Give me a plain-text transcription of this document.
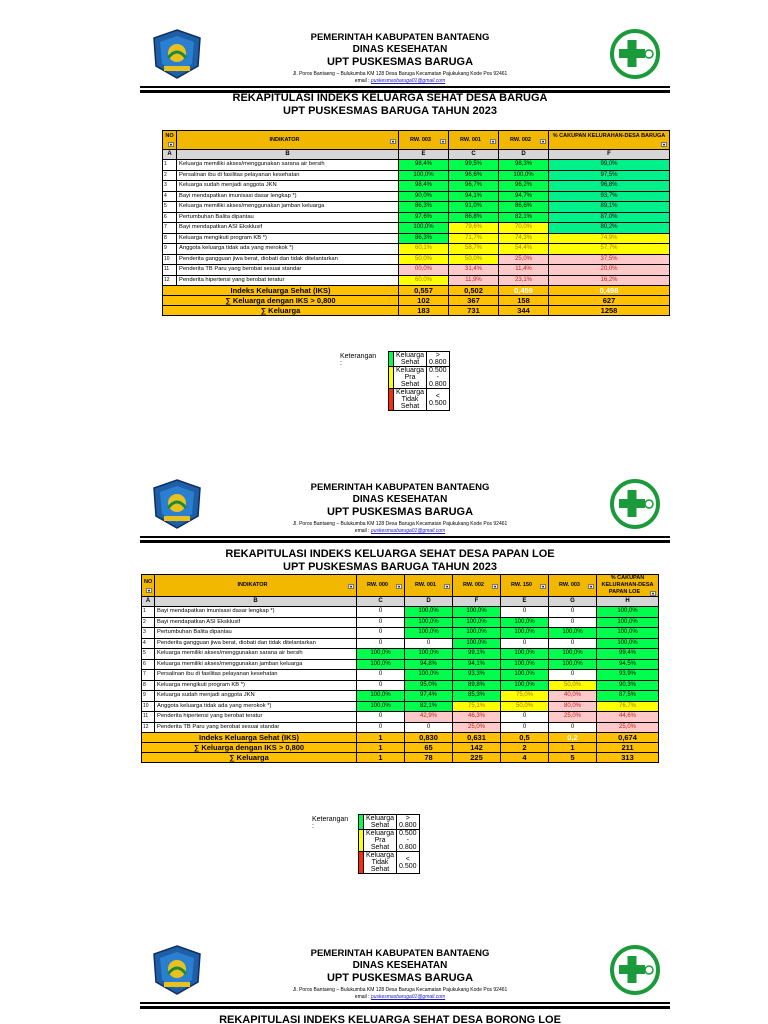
PEMERINTAH KABUPATEN BANTAENG
DINAS KESEHATAN
UPT PUSKESMAS BARUGA
Jl. Poros Bantaeng – Bulukumba KM 128 Desa Baruga Kecamatan Pajukukang Kode Pos 92461
email : puskesmasbaruga01@gmail.com
REKAPITULASI INDEKS KELUARGA SEHAT DESA BARUGA
UPT PUSKESMAS BARUGA TAHUN 2023
NO
▾	INDIKATOR ▾	RW. 003 ▾	RW. 001 ▾	RW. 002 ▾	% CAKUPAN KELURAHAN-DESA BARUGA
▾

A	B	E	C	D	F
1	Keluarga memiliki akses/menggunakan sarana air bersih	98,4%	99,5%	98,3%	99,0%
2	Persalinan ibu di fasilitas pelayanan kesehatan	100,0%	96,6%	100,0%	97,5%
3	Keluarga sudah menjadi anggota JKN	98,4%	96,7%	96,2%	96,8%
4	Bayi mendapatkan imunisasi dasar lengkap *)	90,0%	94,1%	94,7%	93,7%
5	Keluarga memiliki akses/menggunakan jamban keluarga	86,3%	91,0%	86,6%	89,1%
6	Pertumbuhan Balita dipantau	97,6%	86,8%	82,1%	87,0%
7	Bayi mendapatkan ASI Eksklusif	100,0%	79,6%	70,0%	80,2%
8	Keluarga mengikuti program KB *)	86,3%	71,7%	74,3%	74,9%
9	Anggota keluarga tidak ada yang merokok *)	60,1%	58,7%	54,4%	57,7%
10	Penderita gangguan jiwa berat, diobati dan tidak ditelantarkan	50,0%	50,0%	25,0%	37,5%
11	Penderita TB Paru yang berobat sesuai standar	00,0%	31,4%	11,4%	20,0%
12	Penderita hipertensi yang berobat teratur	60,0%	11,9%	23,1%	16,2%
Indeks Keluarga Sehat (IKS)		0,557	0,502	0,459	0,498
∑ Keluarga dengan IKS > 0,800		102	367	158	627
∑ Keluarga		183	731	344	1258
Keterangan :
	Keluarga Sehat	> 0.800
	Keluarga Pra Sehat	0.500 - 0.800
	Keluarga Tidak Sehat	< 0.500
PEMERINTAH KABUPATEN BANTAENG
DINAS KESEHATAN
UPT PUSKESMAS BARUGA
Jl. Poros Bantaeng – Bulukumba KM 128 Desa Baruga Kecamatan Pajukukang Kode Pos 92461
email : puskesmasbaruga01@gmail.com
REKAPITULASI INDEKS KELUARGA SEHAT DESA PAPAN LOE
UPT PUSKESMAS BARUGA TAHUN 2023
NO
▾	INDIKATOR ▾	RW. 000 ▾	RW. 001 ▾	RW. 002 ▾	RW. 150 ▾	RW. 003 ▾	% CAKUPAN KELURAHAN-DESA PAPAN LOE ▾

A	B	C	D	F	E	G	H
1	Bayi mendapatkan imunisasi dasar lengkap *)	0	100,0%	100,0%	0	0	100,0%
2	Bayi mendapatkan ASI Eksklusif	0	100,0%	100,0%	100,0%	0	100,0%
3	Pertumbuhan Balita dipantau	0	100,0%	100,0%	100,0%	100,0%	100,0%
4	Penderita gangguan jiwa berat, diobati dan tidak ditelantarkan	0	0	100,0%	0	0	100,0%
5	Keluarga memiliki akses/menggunakan sarana air bersih	100,0%	100,0%	99,1%	100,0%	100,0%	99,4%
6	Keluarga memiliki akses/menggunakan jamban keluarga	100,0%	94,8%	94,1%	100,0%	100,0%	94,5%
7	Persalinan ibu di fasilitas pelayanan kesehatan	0	100,0%	93,3%	100,0%	0	93,9%
8	Keluarga mengikuti program KB *)	0	95,0%	89,8%	100,0%	50,0%	90,3%
9	Keluarga sudah menjadi anggota JKN	100,0%	97,4%	85,3%	75,0%	40,0%	87,5%
10	Anggota keluarga tidak ada yang merokok *)	100,0%	82,1%	75,1%	50,0%	80,0%	76,7%
11	Penderita hipertensi yang berobat teratur	0	42,9%	46,3%	0	25,0%	44,6%
12	Penderita TB Paru yang berobat sesuai standar	0	0	25,0%	0	0	25,0%
Indeks Keluarga Sehat (IKS)		1	0,830	0,631	0,5	0,2	0,674
∑ Keluarga dengan IKS > 0,800		1	65	142	2	1	211
∑ Keluarga		1	78	225	4	5	313
Keterangan :
	Keluarga Sehat	> 0.800
	Keluarga Pra Sehat	0.500 - 0.800
	Keluarga Tidak Sehat	< 0.500
PEMERINTAH KABUPATEN BANTAENG
DINAS KESEHATAN
UPT PUSKESMAS BARUGA
Jl. Poros Bantaeng – Bulukumba KM 128 Desa Baruga Kecamatan Pajukukang Kode Pos 92461
email : puskesmasbaruga01@gmail.com
REKAPITULASI INDEKS KELUARGA SEHAT DESA BORONG LOE
